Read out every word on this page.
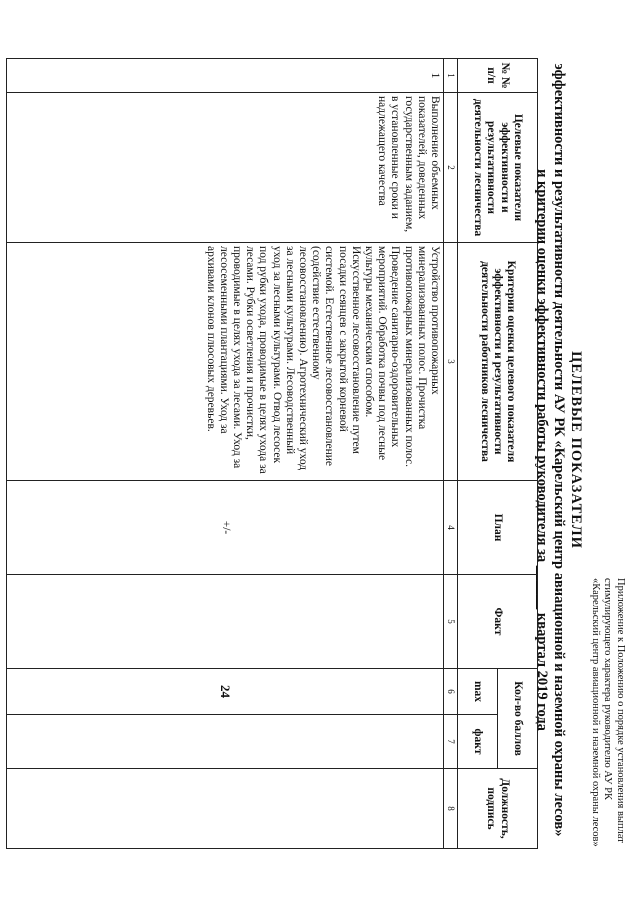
Приложение к Положению о порядке установления выплат
стимулирующего характера руководителю АУ РК
«Карельский центр авиационной и наземной охраны лесов»
ЦЕЛЕВЫЕ ПОКАЗАТЕЛИ
эффективности и результативности деятельности АУ РК «Карельский центр авиационной и наземной охраны лесов»
и критерии оценки эффективности работы руководителя за ______ квартал 2019 года
№ № п/п	Целевые показатели эффективности и результативности деятельности лесничества	Критерии оценки целевого показателя эффективности и результативности деятельности работников лесничества	План	Факт	Кол-во баллов		Должность, подпись
					max	факт	
1	2	3	4	5	6	7	8
1	Выполнение объемных показателей, доведенных государственным заданием, в установленные сроки и надлежащего качества	Устройство противопожарных минерализованных полос. Прочистка противопожарных минерализованных полос. Проведение санитарно-оздоровительных мероприятий. Обработка почвы под лесные культуры механическим способом. Искусственное лесовосстановление путем посадки сеянцев с закрытой корневой системой. Естественное лесовосстановление (содействие естественному лесовосстановлению). Агротехнический уход за лесными культурами. Лесоводственный уход за лесными культурами. Отвод лесосек под рубки ухода, проводимые в целях ухода за лесами. Рубки осветления и прочистки, проводимые в целях ухода за лесами. Уход за лесосеменными плантациями. Уход за архивами клонов плюсовых деревьев.	+/-		24		
